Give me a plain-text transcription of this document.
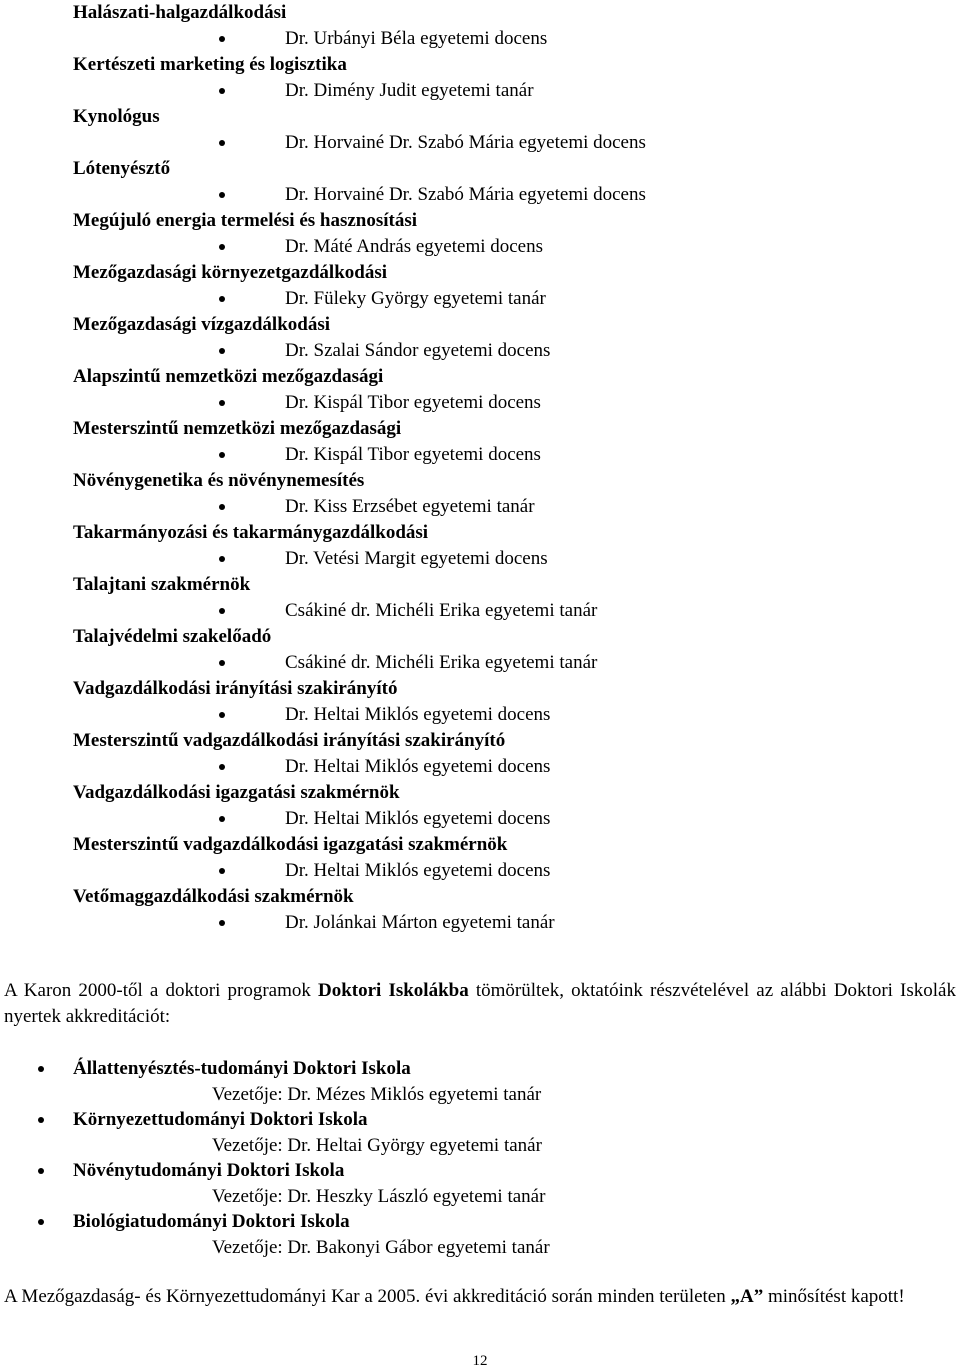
Halászati-halgazdálkodási
Dr. Urbányi Béla egyetemi docens
Kertészeti marketing és logisztika
Dr. Dimény Judit egyetemi tanár
Kynológus
Dr. Horvainé Dr. Szabó Mária egyetemi docens
Lótenyésztő
Dr. Horvainé Dr. Szabó Mária egyetemi docens
Megújuló energia termelési és hasznosítási
Dr. Máté András egyetemi docens
Mezőgazdasági környezetgazdálkodási
Dr. Füleky György egyetemi tanár
Mezőgazdasági vízgazdálkodási
Dr. Szalai Sándor egyetemi docens
Alapszintű nemzetközi mezőgazdasági
Dr. Kispál Tibor egyetemi docens
Mesterszintű nemzetközi mezőgazdasági
Dr. Kispál Tibor egyetemi docens
Növénygenetika és növénynemesítés
Dr. Kiss Erzsébet egyetemi tanár
Takarmányozási és takarmánygazdálkodási
Dr. Vetési Margit egyetemi docens
Talajtani szakmérnök
Csákiné dr. Michéli Erika egyetemi tanár
Talajvédelmi szakelőadó
Csákiné dr. Michéli Erika egyetemi tanár
Vadgazdálkodási irányítási szakirányító
Dr. Heltai Miklós egyetemi docens
Mesterszintű vadgazdálkodási irányítási szakirányító
Dr. Heltai Miklós egyetemi docens
Vadgazdálkodási igazgatási szakmérnök
Dr. Heltai Miklós egyetemi docens
Mesterszintű vadgazdálkodási igazgatási szakmérnök
Dr. Heltai Miklós egyetemi docens
Vetőmaggazdálkodási szakmérnök
Dr. Jolánkai Márton egyetemi tanár
A Karon 2000-től a doktori programok Doktori Iskolákba tömörültek, oktatóink részvételével az alábbi Doktori Iskolák nyertek akkreditációt:
Állattenyésztés-tudományi Doktori Iskola
Vezetője: Dr. Mézes Miklós egyetemi tanár
Környezettudományi Doktori Iskola
Vezetője: Dr. Heltai György egyetemi tanár
Növénytudományi Doktori Iskola
Vezetője: Dr. Heszky László egyetemi tanár
Biológiatudományi Doktori Iskola
Vezetője: Dr. Bakonyi Gábor egyetemi tanár
A Mezőgazdaság- és Környezettudományi Kar a 2005. évi akkreditáció során minden területen „A” minősítést kapott!
12
